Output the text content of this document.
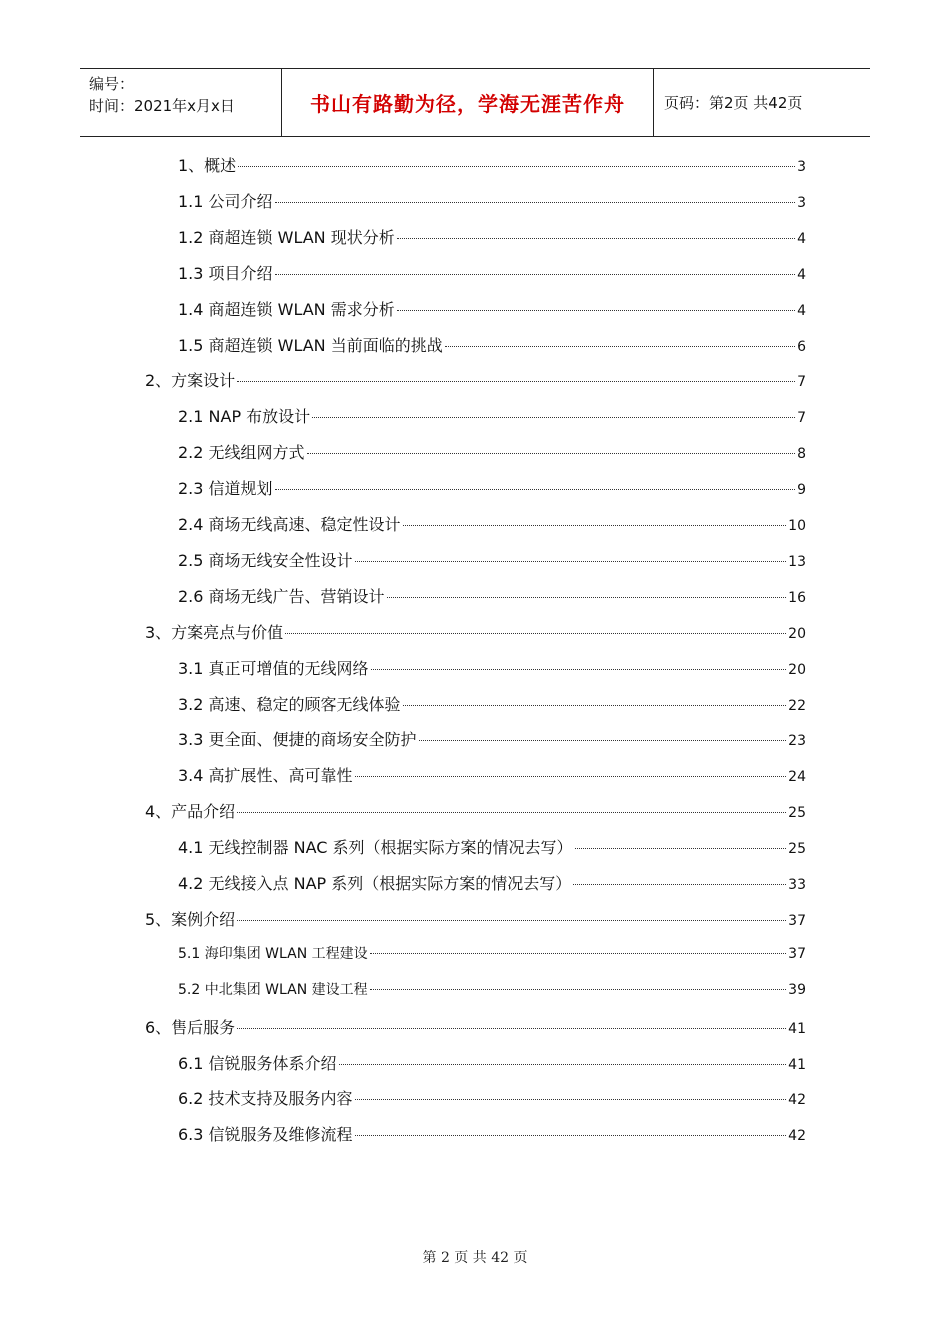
编号：
时间：2021年x月x日	书山有路勤为径，学海无涯苦作舟	页码：第2页 共42页
1、概述	3
1.1 公司介绍	3
1.2 商超连锁 WLAN 现状分析	4
1.3 项目介绍	4
1.4 商超连锁 WLAN 需求分析	4
1.5 商超连锁 WLAN 当前面临的挑战	6
2、方案设计	7
2.1 NAP 布放设计	7
2.2 无线组网方式	8
2.3 信道规划	9
2.4 商场无线高速、稳定性设计	10
2.5 商场无线安全性设计	13
2.6 商场无线广告、营销设计	16
3、方案亮点与价值	20
3.1 真正可增值的无线网络	20
3.2 高速、稳定的顾客无线体验	22
3.3 更全面、便捷的商场安全防护	23
3.4 高扩展性、高可靠性	24
4、产品介绍	25
4.1 无线控制器 NAC 系列（根据实际方案的情况去写）	25
4.2 无线接入点 NAP 系列（根据实际方案的情况去写）	33
5、案例介绍	37
5.1 海印集团 WLAN 工程建设	37
5.2 中北集团 WLAN 建设工程	39
6、售后服务	41
6.1 信锐服务体系介绍	41
6.2 技术支持及服务内容	42
6.3 信锐服务及维修流程	42
第 2 页 共 42 页
